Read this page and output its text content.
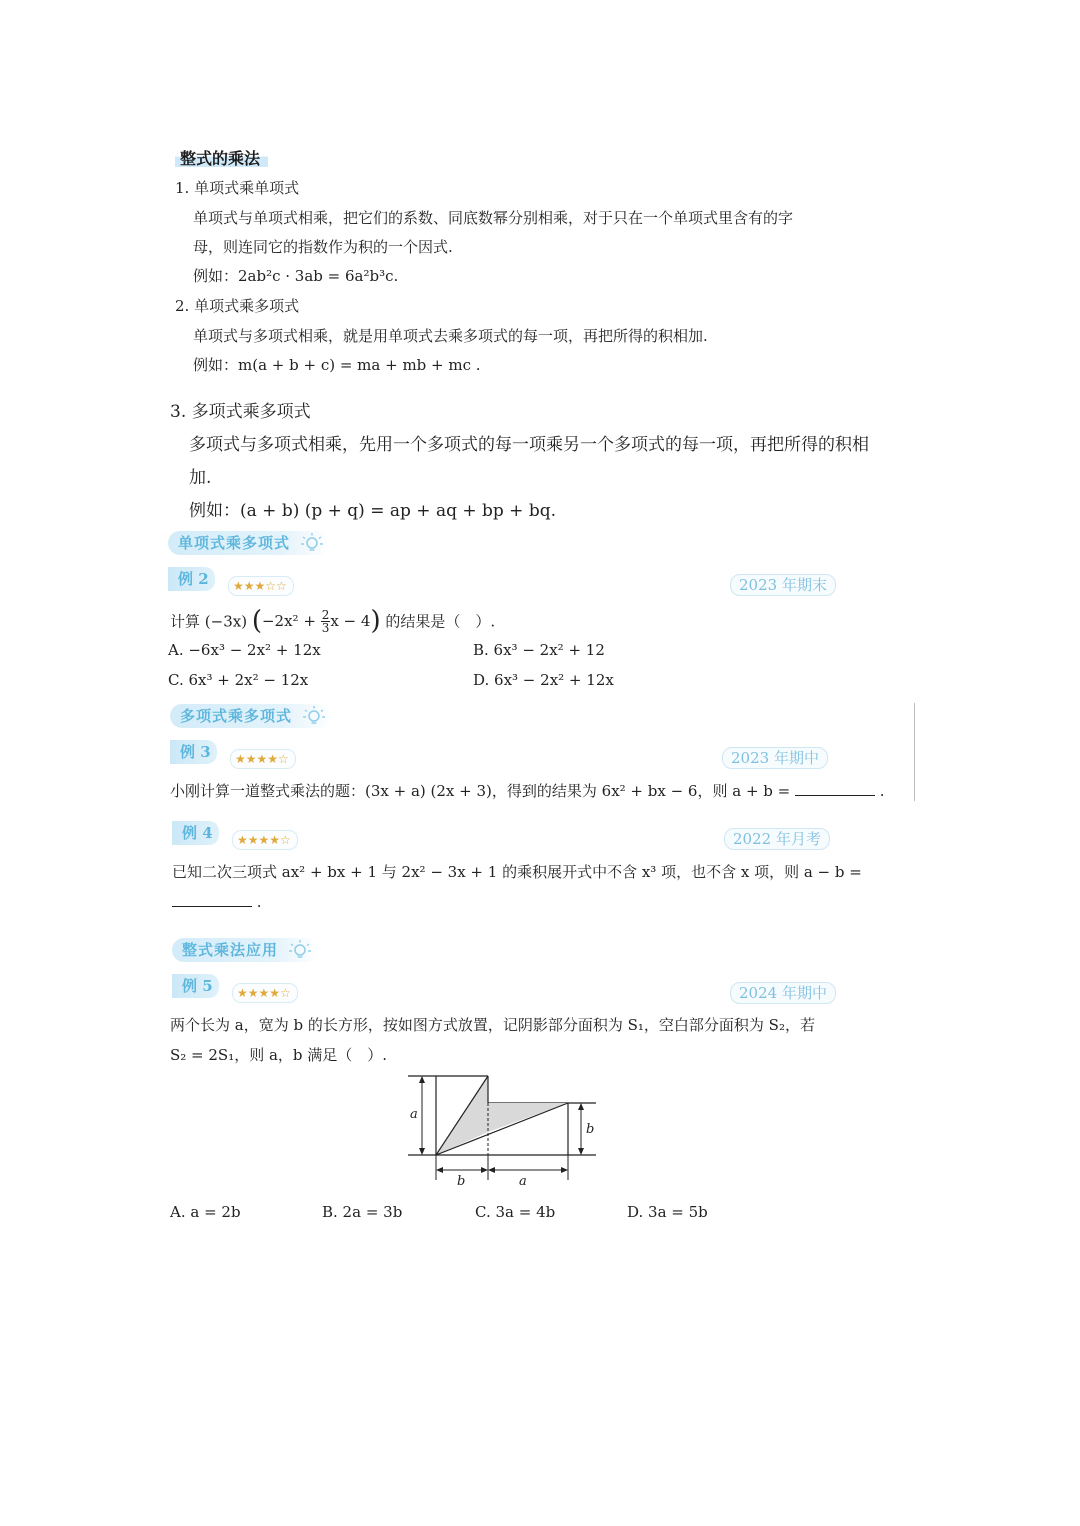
整式的乘法
1. 单项式乘单项式
单项式与单项式相乘，把它们的系数、同底数幂分别相乘，对于只在一个单项式里含有的字
母，则连同它的指数作为积的一个因式.
例如：2ab²c · 3ab = 6a²b³c.
2. 单项式乘多项式
单项式与多项式相乘，就是用单项式去乘多项式的每一项，再把所得的积相加.
例如：m(a + b + c) = ma + mb + mc .
3. 多项式乘多项式
多项式与多项式相乘，先用一个多项式的每一项乘另一个多项式的每一项，再把所得的积相
加.
例如：(a + b) (p + q) = ap + aq + bp + bq.
单项式乘多项式
例 2	★★★☆☆	2023 年期末
计算 (−3x) ($-2x^2 + \frac{2}{3}$ x − 4) 的结果是（　）.
A. −6x³ − 2x² + 12x	B. 6x³ − 2x² + 12
C. 6x³ + 2x² − 12x	D. 6x³ − 2x² + 12x
多项式乘多项式
例 3	★★★★☆	2023 年期中
小刚计算一道整式乘法的题：(3x + a) (2x + 3)，得到的结果为 6x² + bx − 6，则 a + b =	.
例 4	★★★★☆	2022 年月考
已知二次三项式 ax² + bx + 1 与 2x² − 3x + 1 的乘积展开式中不含 x³ 项，也不含 x 项，则 a − b =
.
整式乘法应用
例 5	★★★★☆	2024 年期中
两个长为 a，宽为 b 的长方形，按如图方式放置，记阴影部分面积为 S₁，空白部分面积为 S₂，若
S₂ = 2S₁，则 a，b 满足（　）.
a
b
b	a
A. a = 2b	B. 2a = 3b	C. 3a = 4b	D. 3a = 5b
